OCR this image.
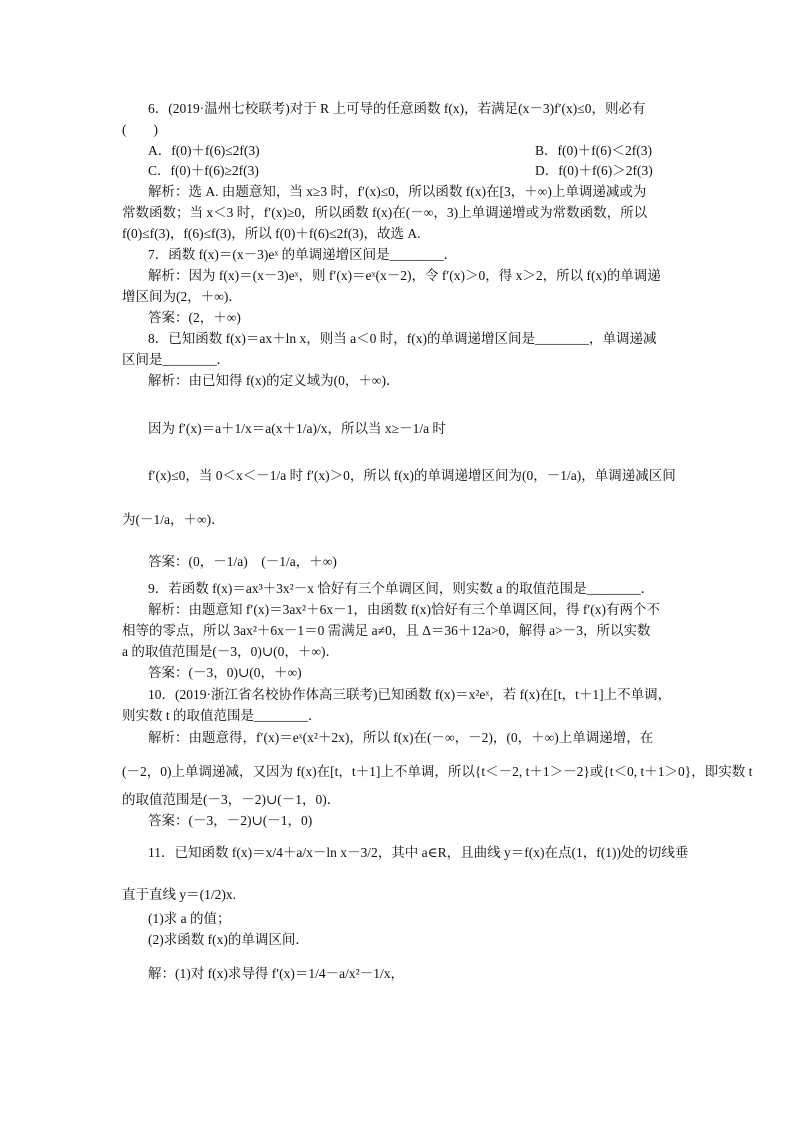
6．(2019·温州七校联考)对于 R 上可导的任意函数 f(x)，若满足(x－3)f′(x)≤0，则必有
(　　)
A．f(0)＋f(6)≤2f(3)	B．f(0)＋f(6)＜2f(3)
C．f(0)＋f(6)≥2f(3)	D．f(0)＋f(6)＞2f(3)
解析：选 A. 由题意知，当 x≥3 时，f′(x)≤0，所以函数 f(x)在[3，＋∞)上单调递减或为
常数函数；当 x＜3 时，f′(x)≥0，所以函数 f(x)在(－∞，3)上单调递增或为常数函数，所以
f(0)≤f(3)，f(6)≤f(3)，所以 f(0)＋f(6)≤2f(3)，故选 A.
7．函数 f(x)＝(x－3)eˣ 的单调递增区间是________．
解析：因为 f(x)＝(x－3)eˣ，则 f′(x)＝eˣ(x－2)，令 f′(x)＞0，得 x＞2，所以 f(x)的单调递
增区间为(2，＋∞)．
答案：(2，＋∞)
8．已知函数 f(x)＝ax＋ln x，则当 a＜0 时，f(x)的单调递增区间是________，单调递减
区间是________．
解析：由已知得 f(x)的定义域为(0，＋∞)．
因为 f′(x)＝a＋1/x＝a(x＋1/a)/x，所以当 x≥－1/a 时
f′(x)≤0，当 0＜x＜－1/a 时 f′(x)＞0，所以 f(x)的单调递增区间为(0，－1/a)，单调递减区间
为(－1/a，＋∞)．
答案：(0，－1/a)　(－1/a，＋∞)
9．若函数 f(x)＝ax³＋3x²－x 恰好有三个单调区间，则实数 a 的取值范围是________．
解析：由题意知 f′(x)＝3ax²＋6x－1，由函数 f(x)恰好有三个单调区间，得 f′(x)有两个不
相等的零点，所以 3ax²＋6x－1＝0 需满足 a≠0，且 Δ＝36＋12a>0，解得 a>－3，所以实数
a 的取值范围是(－3，0)∪(0，＋∞)．
答案：(－3，0)∪(0，＋∞)
10．(2019·浙江省名校协作体高三联考)已知函数 f(x)＝x²eˣ，若 f(x)在[t，t＋1]上不单调，
则实数 t 的取值范围是________．
解析：由题意得，f′(x)＝eˣ(x²＋2x)，所以 f(x)在(－∞，－2)，(0，＋∞)上单调递增，在
(－2，0)上单调递减，又因为 f(x)在[t，t＋1]上不单调，所以{t＜－2, t＋1＞－2}或{t＜0, t＋1＞0}，即实数 t
的取值范围是(－3，－2)∪(－1，0)．
答案：(－3，－2)∪(－1，0)
11．已知函数 f(x)＝x/4＋a/x－ln x－3/2，其中 a∈R，且曲线 y＝f(x)在点(1，f(1))处的切线垂
直于直线 y＝(1/2)x.
(1)求 a 的值；
(2)求函数 f(x)的单调区间．
解：(1)对 f(x)求导得 f′(x)＝1/4－a/x²－1/x，
